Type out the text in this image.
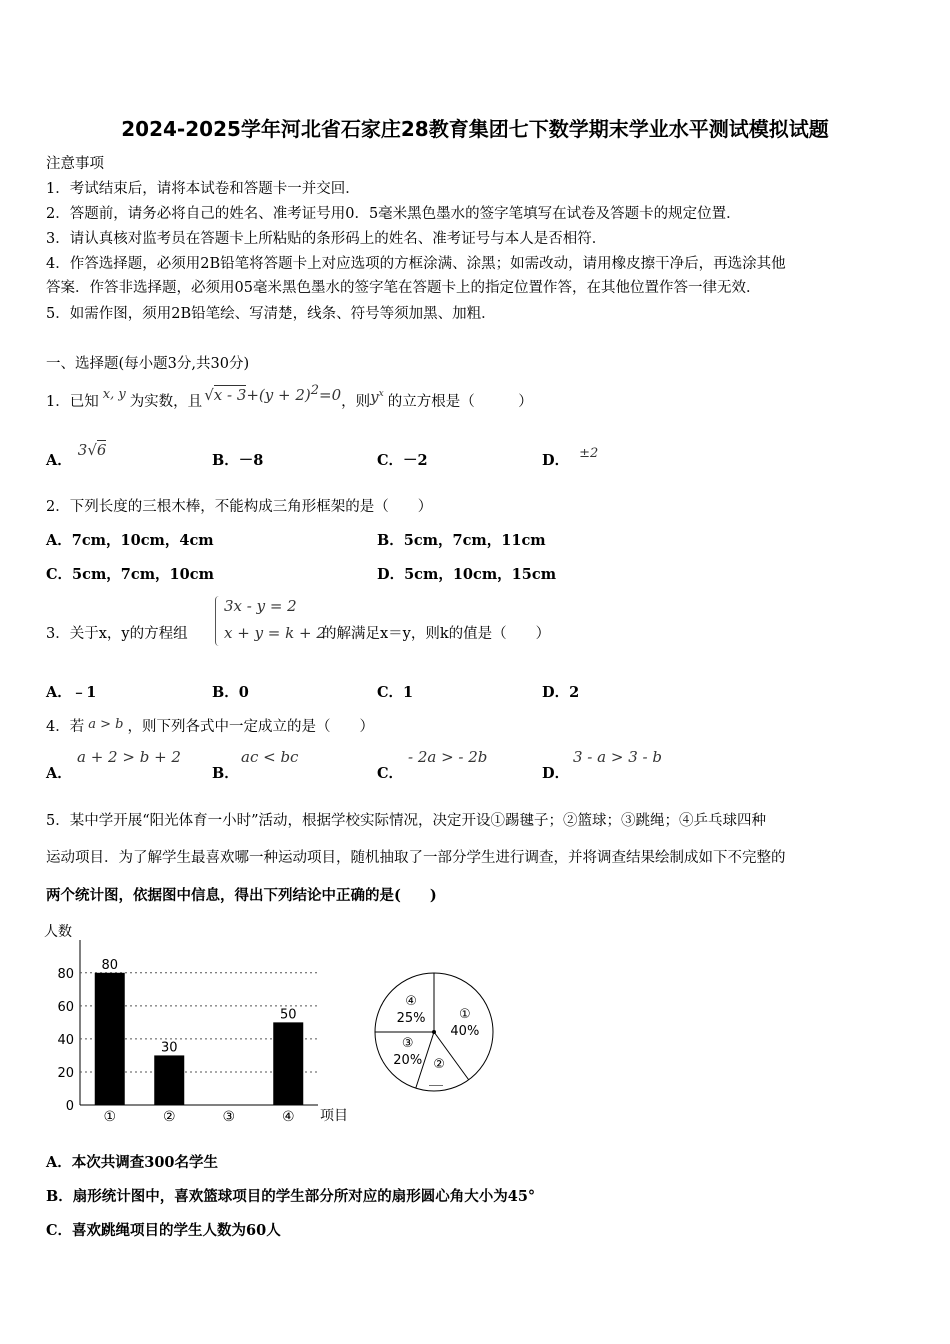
2024-2025学年河北省石家庄28教育集团七下数学期末学业水平测试模拟试题
注意事项
1．考试结束后，请将本试卷和答题卡一并交回．
2．答题前，请务必将自己的姓名、准考证号用0．5毫米黑色墨水的签字笔填写在试卷及答题卡的规定位置．
3．请认真核对监考员在答题卡上所粘贴的条形码上的姓名、准考证号与本人是否相符．
4．作答选择题，必须用2B铅笔将答题卡上对应选项的方框涂满、涂黑；如需改动，请用橡皮擦干净后，再选涂其他
答案．作答非选择题，必须用05毫米黑色墨水的签字笔在答题卡上的指定位置作答，在其他位置作答一律无效．
5．如需作图，须用2B铅笔绘、写清楚，线条、符号等须加黑、加粗．
一、选择题(每小题3分,共30分)
1．已知 x, y 为实数，且 $√x - 3+(y + 2)^2=0$，则$y^x$ 的立方根是（　　　）
A．3√6
B．－8	C．－2	D． ±2
2．下列长度的三根木棒，不能构成三角形框架的是（　　）
A．7cm，10cm，4cm	B．5cm，7cm，11cm
C．5cm，7cm，10cm	D．5cm，10cm，15cm
3．关于x，y的方程组
3x - y = 2
x + y = k + 2
的解满足x＝y，则k的值是（　　）
A．﹣1	B．0	C．1	D．2
4．若 a > b ，则下列各式中一定成立的是（　　）
A．
a + 2 > b + 2
B．
ac < bc
C．
- 2a > - 2b
D．
3 - a > 3 - b
5．某中学开展“阳光体育一小时”活动，根据学校实际情况，决定开设①踢毽子；②篮球；③跳绳；④乒乓球四种
运动项目．为了解学生最喜欢哪一种运动项目，随机抽取了一部分学生进行调查，并将调查结果绘制成如下不完整的
两个统计图，依据图中信息，得出下列结论中正确的是(　　)
0
20
40
60
80
80
30
50
①	②	③	④
人数
项目
①
40%
②
③
20%
④
25%
＿
A．本次共调查300名学生
B．扇形统计图中，喜欢篮球项目的学生部分所对应的扇形圆心角大小为45°
C．喜欢跳绳项目的学生人数为60人
